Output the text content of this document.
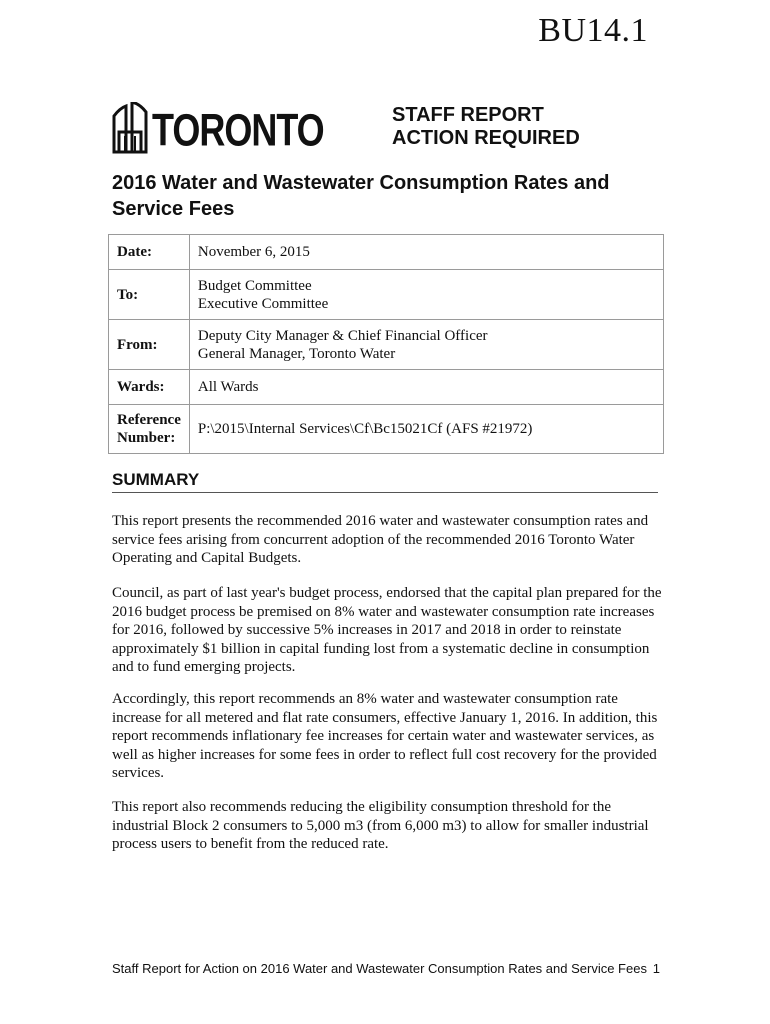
BU14.1
TORONTO	STAFF REPORT
ACTION REQUIRED
2016 Water and Wastewater Consumption Rates and Service Fees
Date:	November 6, 2015
To:	Budget Committee
Executive Committee

From:	Deputy City Manager & Chief Financial Officer
General Manager, Toronto Water

Wards:	All Wards

Reference
Number:	P:\2015\Internal Services\Cf\Bc15021Cf (AFS #21972)
SUMMARY

This report presents the recommended 2016 water and wastewater consumption rates and service fees arising from concurrent adoption of the recommended 2016 Toronto Water Operating and Capital Budgets.

Council, as part of last year's budget process, endorsed that the capital plan prepared for the 2016 budget process be premised on 8% water and wastewater consumption rate increases for 2016, followed by successive 5% increases in 2017 and 2018 in order to reinstate approximately $1 billion in capital funding lost from a systematic decline in consumption and to fund emerging projects.

Accordingly, this report recommends an 8% water and wastewater consumption rate increase for all metered and flat rate consumers, effective January 1, 2016. In addition, this report recommends inflationary fee increases for certain water and wastewater services, as well as higher increases for some fees in order to reflect full cost recovery for the provided services.

This report also recommends reducing the eligibility consumption threshold for the industrial Block 2 consumers to 5,000 m3 (from 6,000 m3) to allow for smaller industrial process users to benefit from the reduced rate.

Staff Report for Action on 2016 Water and Wastewater Consumption Rates and Service Fees 1
